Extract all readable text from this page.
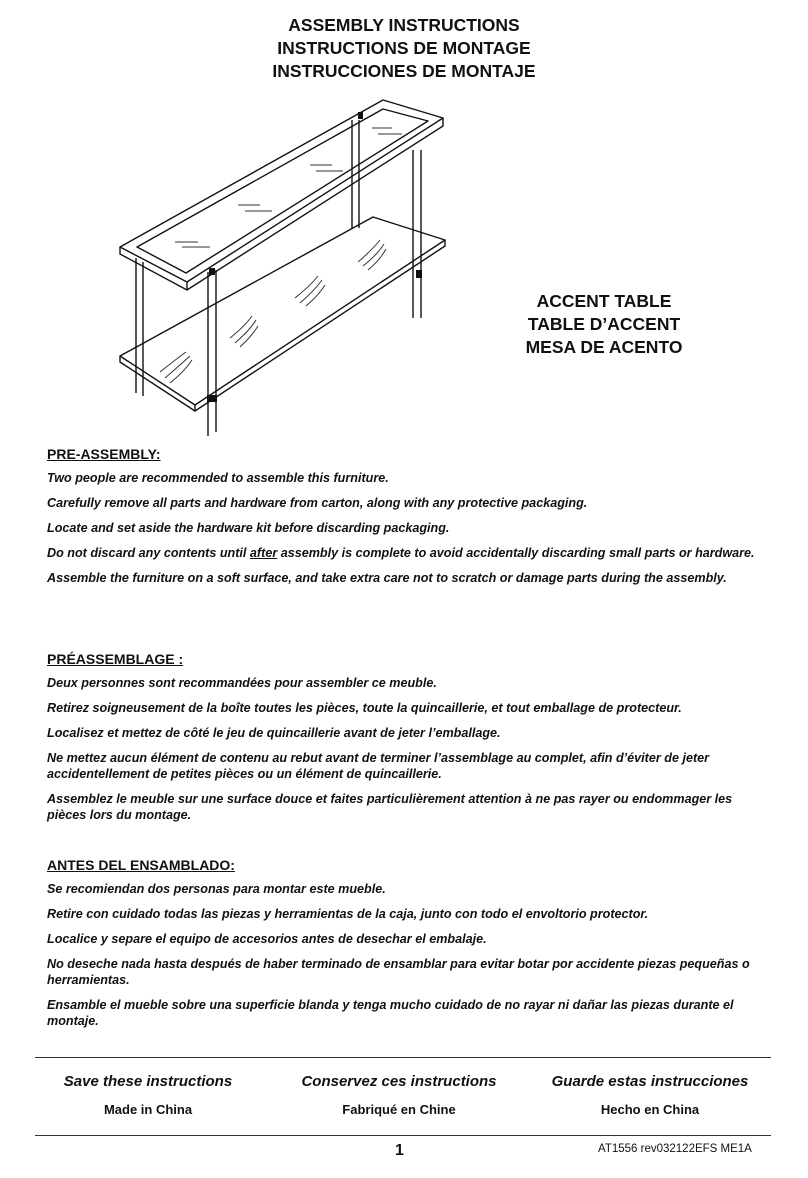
ASSEMBLY INSTRUCTIONS
INSTRUCTIONS DE MONTAGE
INSTRUCCIONES DE MONTAJE
ACCENT TABLE
TABLE D’ACCENT
MESA DE ACENTO
PRE-ASSEMBLY:

Two people are recommended to assemble this furniture.

Carefully remove all parts and hardware from carton, along with any protective packaging.

Locate and set aside the hardware kit before discarding packaging.

Do not discard any contents until after assembly is complete to avoid accidentally discarding small parts or hardware.

Assemble the furniture on a soft surface, and take extra care not to scratch or damage parts during the assembly.

PRÉASSEMBLAGE :

Deux personnes sont recommandées pour assembler ce meuble.

Retirez soigneusement de la boîte toutes les pièces, toute la quincaillerie, et tout emballage de protecteur.

Localisez et mettez de côté le jeu de quincaillerie avant de jeter l’emballage.

Ne mettez aucun élément de contenu au rebut avant de terminer l’assemblage au complet, afin d’éviter de jeter accidentellement de petites pièces ou un élément de quincaillerie.

Assemblez le meuble sur une surface douce et faites particulièrement attention à ne pas rayer ou endommager les pièces lors du montage.

ANTES DEL ENSAMBLADO:

Se recomiendan dos personas para montar este mueble.

Retire con cuidado todas las piezas y herramientas de la caja, junto con todo el envoltorio protector.

Localice y separe el equipo de accesorios antes de desechar el embalaje.

No deseche nada hasta después de haber terminado de ensamblar para evitar botar por accidente piezas pequeñas o herramientas.

Ensamble el mueble sobre una superficie blanda y tenga mucho cuidado de no rayar ni dañar las piezas durante el montaje.

Save these instructions
Made in China
Conservez ces instructions
Fabriqué en Chine
Guarde estas instrucciones
Hecho en China
1	AT1556 rev032122EFS ME1A
